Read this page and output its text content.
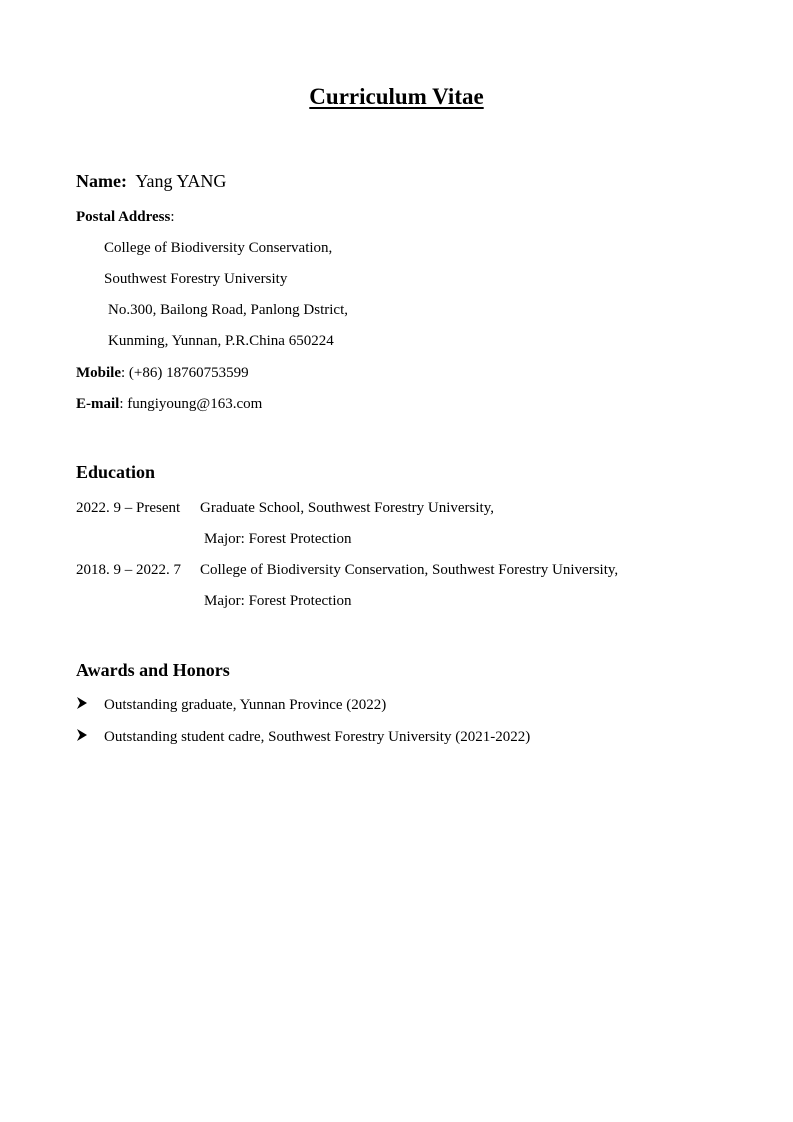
Curriculum Vitae
Name: Yang YANG
Postal Address:
College of Biodiversity Conservation,
Southwest Forestry University
No.300, Bailong Road, Panlong Dstrict,
Kunming, Yunnan, P.R.China 650224
Mobile: (+86) 18760753599
E-mail: fungiyoung@163.com
Education
2022. 9 – Present Graduate School, Southwest Forestry University,
Major: Forest Protection
2018. 9 – 2022. 7 College of Biodiversity Conservation, Southwest Forestry University,
Major: Forest Protection
Awards and Honors
Outstanding graduate, Yunnan Province (2022)
Outstanding student cadre, Southwest Forestry University (2021-2022)
